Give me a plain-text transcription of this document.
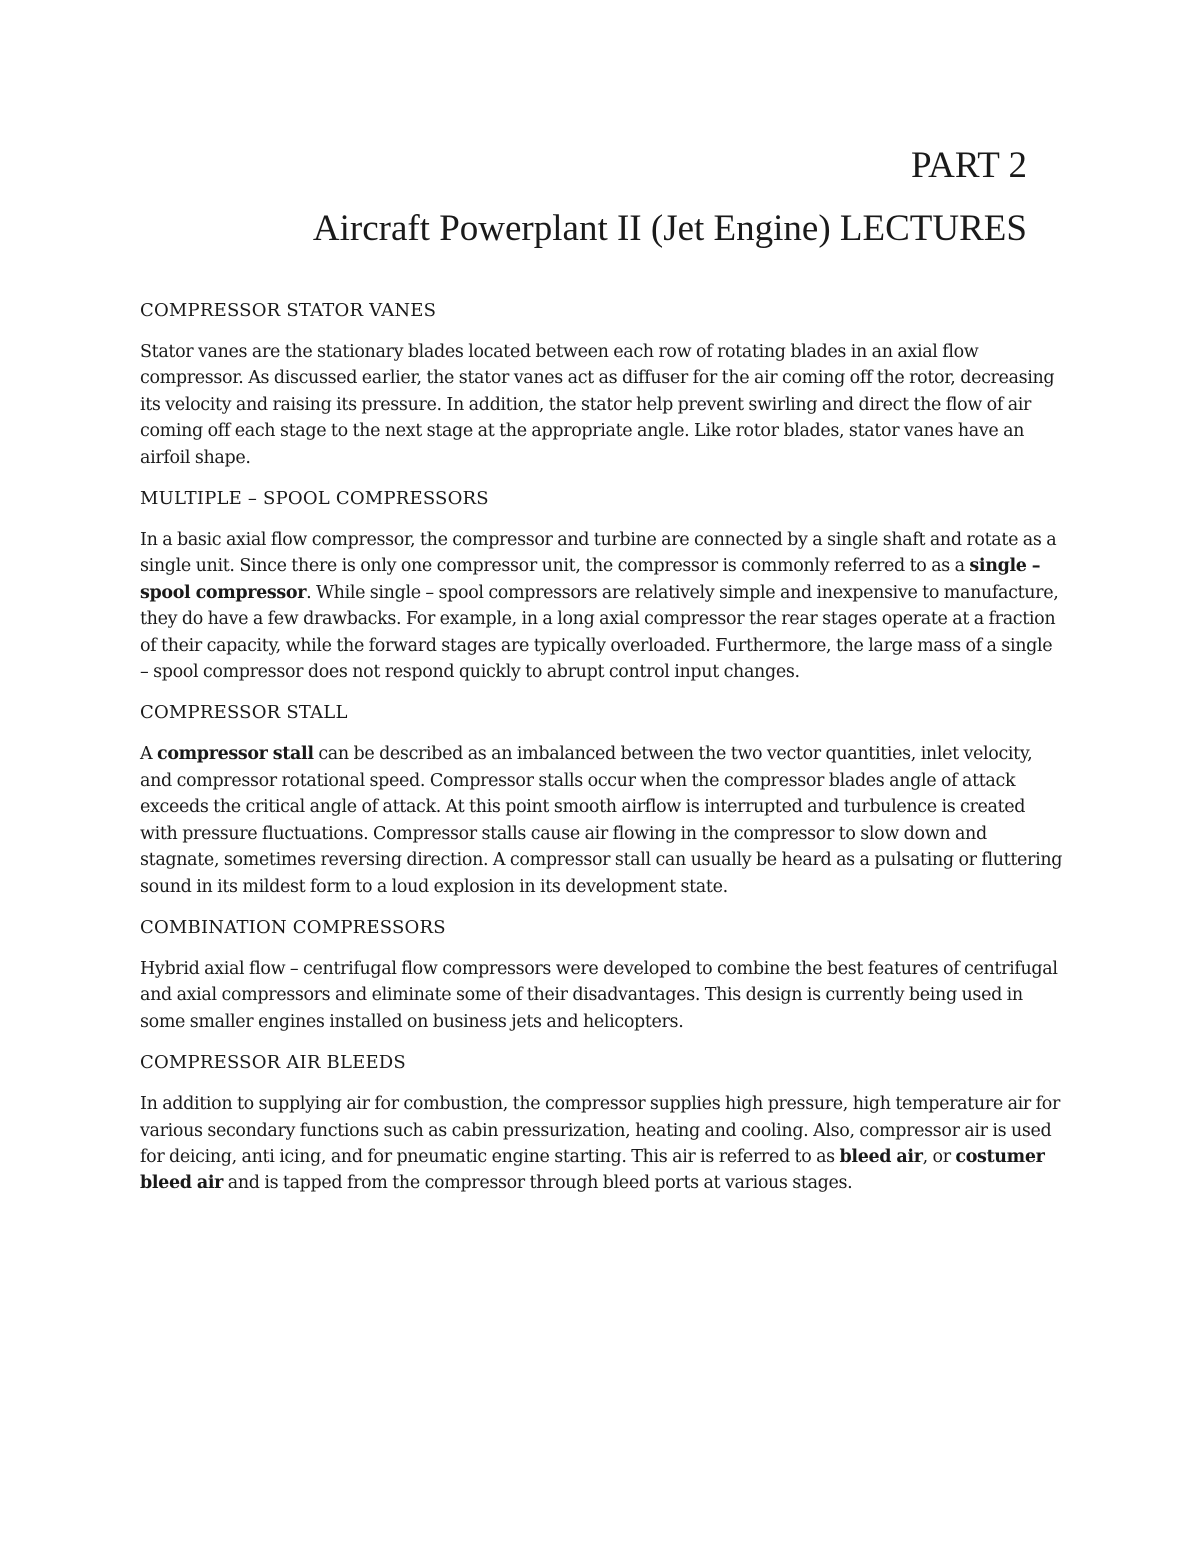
PART 2
Aircraft Powerplant II (Jet Engine) LECTURES
COMPRESSOR STATOR VANES

Stator vanes are the stationary blades located between each row of rotating blades in an axial flow compressor. As discussed earlier, the stator vanes act as diffuser for the air coming off the rotor, decreasing its velocity and raising its pressure. In addition, the stator help prevent swirling and direct the flow of air coming off each stage to the next stage at the appropriate angle. Like rotor blades, stator vanes have an airfoil shape.

MULTIPLE – SPOOL COMPRESSORS

In a basic axial flow compressor, the compressor and turbine are connected by a single shaft and rotate as a single unit. Since there is only one compressor unit, the compressor is commonly referred to as a single – spool compressor. While single – spool compressors are relatively simple and inexpensive to manufacture, they do have a few drawbacks. For example, in a long axial compressor the rear stages operate at a fraction of their capacity, while the forward stages are typically overloaded. Furthermore, the large mass of a single – spool compressor does not respond quickly to abrupt control input changes.

COMPRESSOR STALL

A compressor stall can be described as an imbalanced between the two vector quantities, inlet velocity, and compressor rotational speed. Compressor stalls occur when the compressor blades angle of attack exceeds the critical angle of attack. At this point smooth airflow is interrupted and turbulence is created with pressure fluctuations. Compressor stalls cause air flowing in the compressor to slow down and stagnate, sometimes reversing direction. A compressor stall can usually be heard as a pulsating or fluttering sound in its mildest form to a loud explosion in its development state.

COMBINATION COMPRESSORS

Hybrid axial flow – centrifugal flow compressors were developed to combine the best features of centrifugal and axial compressors and eliminate some of their disadvantages. This design is currently being used in some smaller engines installed on business jets and helicopters.

COMPRESSOR AIR BLEEDS

In addition to supplying air for combustion, the compressor supplies high pressure, high temperature air for various secondary functions such as cabin pressurization, heating and cooling. Also, compressor air is used for deicing, anti icing, and for pneumatic engine starting. This air is referred to as bleed air, or costumer bleed air and is tapped from the compressor through bleed ports at various stages.
